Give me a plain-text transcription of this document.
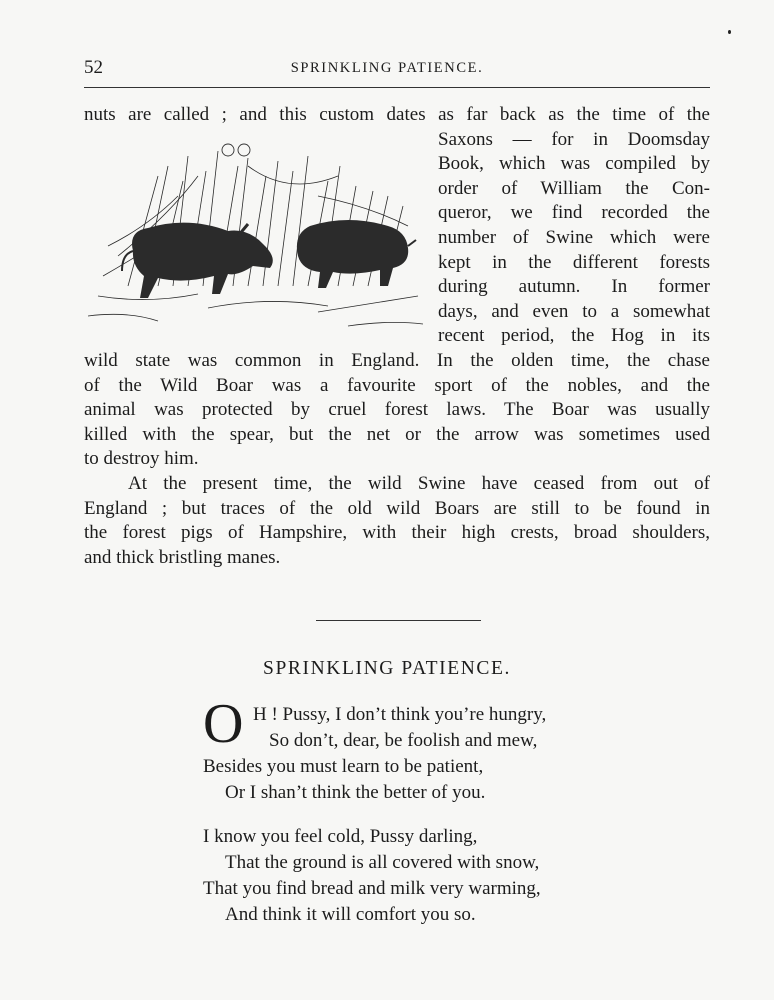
52	SPRINKLING PATIENCE.
nuts are called ; and this custom dates as far back as the time of the
Saxons — for in Doomsday
Book, which was compiled by
order of William the Con-
queror, we find recorded the
number of Swine which were
kept in the different forests
during autumn. In former
days, and even to a somewhat
recent period, the Hog in its
wild state was common in England. In the olden time, the chase
of the Wild Boar was a favourite sport of the nobles, and the
animal was protected by cruel forest laws. The Boar was usually
killed with the spear, but the net or the arrow was sometimes used
to destroy him.
At the present time, the wild Swine have ceased from out of
England ; but traces of the old wild Boars are still to be found in
the forest pigs of Hampshire, with their high crests, broad shoulders,
and thick bristling manes.
SPRINKLING PATIENCE.
O H ! Pussy, I don’t think you’re hungry,
So don’t, dear, be foolish and mew,
Besides you must learn to be patient,
Or I shan’t think the better of you.
I know you feel cold, Pussy darling,
That the ground is all covered with snow,
That you find bread and milk very warming,
And think it will comfort you so.
